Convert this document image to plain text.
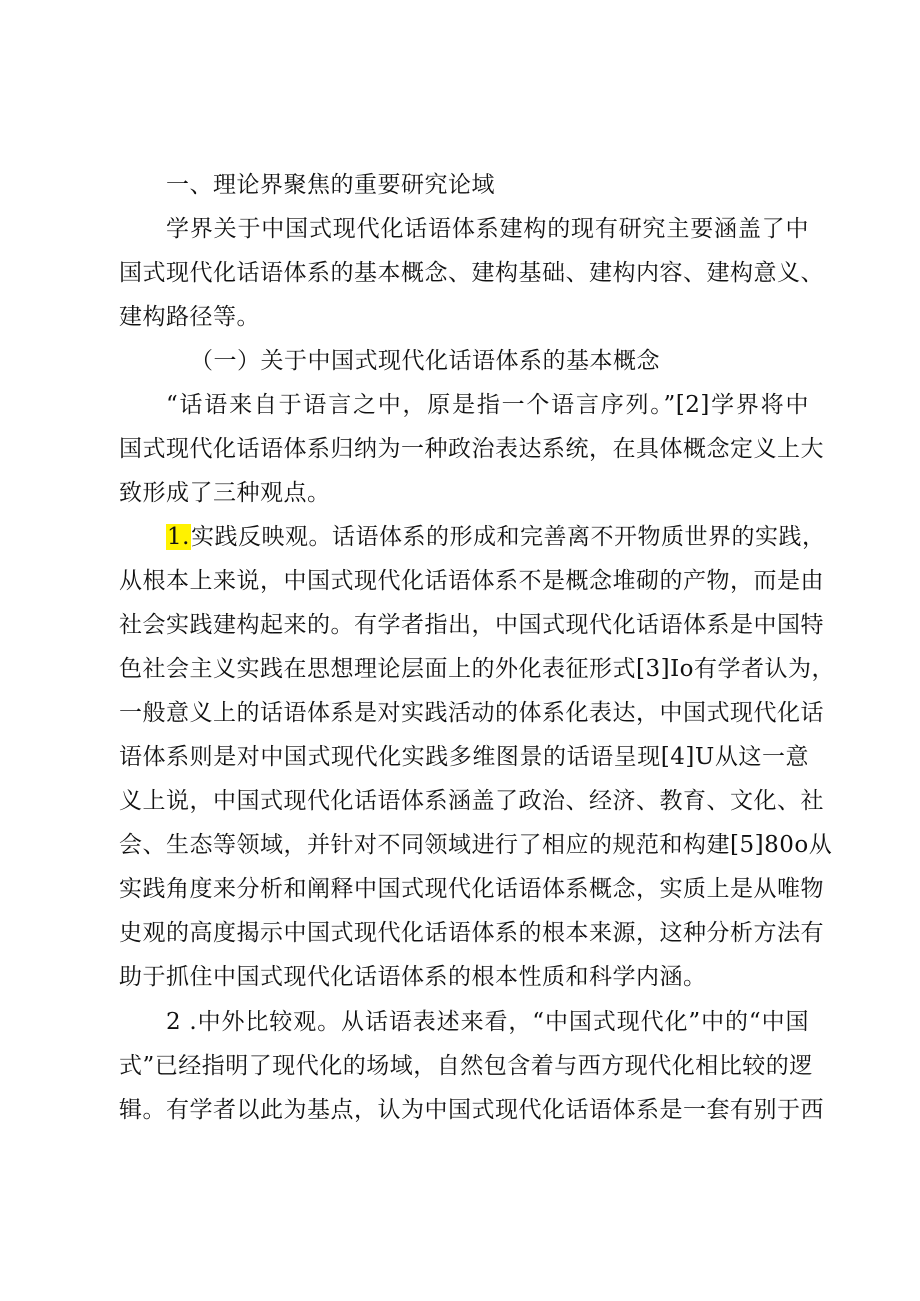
一、理论界聚焦的重要研究论域
学界关于中国式现代化话语体系建构的现有研究主要涵盖了中
国式现代化话语体系的基本概念、建构基础、建构内容、建构意义、
建构路径等。
（一）关于中国式现代化话语体系的基本概念
“话语来自于语言之中，原是指一个语言序列。”[2]学界将中
国式现代化话语体系归纳为一种政治表达系统，在具体概念定义上大
致形成了三种观点。
1.实践反映观。话语体系的形成和完善离不开物质世界的实践，
从根本上来说，中国式现代化话语体系不是概念堆砌的产物，而是由
社会实践建构起来的。有学者指出，中国式现代化话语体系是中国特
色社会主义实践在思想理论层面上的外化表征形式[3]Io有学者认为，
一般意义上的话语体系是对实践活动的体系化表达，中国式现代化话
语体系则是对中国式现代化实践多维图景的话语呈现[4]U从这一意
义上说，中国式现代化话语体系涵盖了政治、经济、教育、文化、社
会、生态等领域，并针对不同领域进行了相应的规范和构建[5]80o从
实践角度来分析和阐释中国式现代化话语体系概念，实质上是从唯物
史观的高度揭示中国式现代化话语体系的根本来源，这种分析方法有
助于抓住中国式现代化话语体系的根本性质和科学内涵。
2 .中外比较观。从话语表述来看，“中国式现代化”中的“中国
式”已经指明了现代化的场域，自然包含着与西方现代化相比较的逻
辑。有学者以此为基点，认为中国式现代化话语体系是一套有别于西
